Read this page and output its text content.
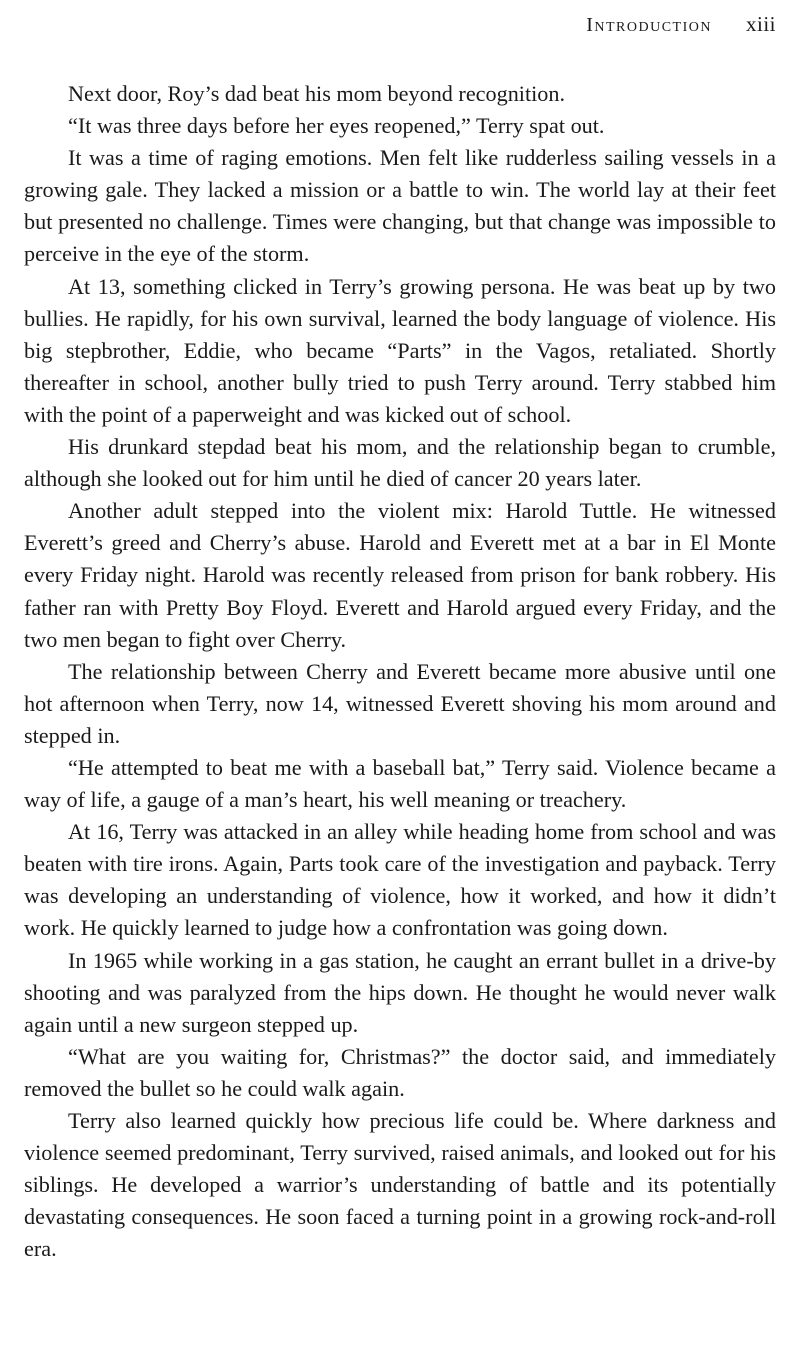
Introduction xiii

Next door, Roy’s dad beat his mom beyond recognition.

“It was three days before her eyes reopened,” Terry spat out.

It was a time of raging emotions. Men felt like rudderless sailing vessels in a growing gale. They lacked a mission or a battle to win. The world lay at their feet but presented no challenge. Times were changing, but that change was impossible to perceive in the eye of the storm.

At 13, something clicked in Terry’s growing persona. He was beat up by two bullies. He rapidly, for his own survival, learned the body language of violence. His big stepbrother, Eddie, who became “Parts” in the Vagos, retaliated. Shortly thereafter in school, another bully tried to push Terry around. Terry stabbed him with the point of a paperweight and was kicked out of school.

His drunkard stepdad beat his mom, and the relationship began to crumble, although she looked out for him until he died of cancer 20 years later.

Another adult stepped into the violent mix: Harold Tuttle. He witnessed Everett’s greed and Cherry’s abuse. Harold and Everett met at a bar in El Monte every Friday night. Harold was recently released from prison for bank robbery. His father ran with Pretty Boy Floyd. Everett and Harold argued every Friday, and the two men began to fight over Cherry.

The relationship between Cherry and Everett became more abusive until one hot afternoon when Terry, now 14, witnessed Everett shoving his mom around and stepped in.

“He attempted to beat me with a baseball bat,” Terry said. Violence became a way of life, a gauge of a man’s heart, his well meaning or treachery.

At 16, Terry was attacked in an alley while heading home from school and was beaten with tire irons. Again, Parts took care of the investigation and payback. Terry was developing an understanding of violence, how it worked, and how it didn’t work. He quickly learned to judge how a confrontation was going down.

In 1965 while working in a gas station, he caught an errant bullet in a drive-by shooting and was paralyzed from the hips down. He thought he would never walk again until a new surgeon stepped up.

“What are you waiting for, Christmas?” the doctor said, and immediately removed the bullet so he could walk again.

Terry also learned quickly how precious life could be. Where darkness and violence seemed predominant, Terry survived, raised animals, and looked out for his siblings. He developed a warrior’s understanding of battle and its potentially devastating consequences. He soon faced a turning point in a growing rock-and-roll era.
